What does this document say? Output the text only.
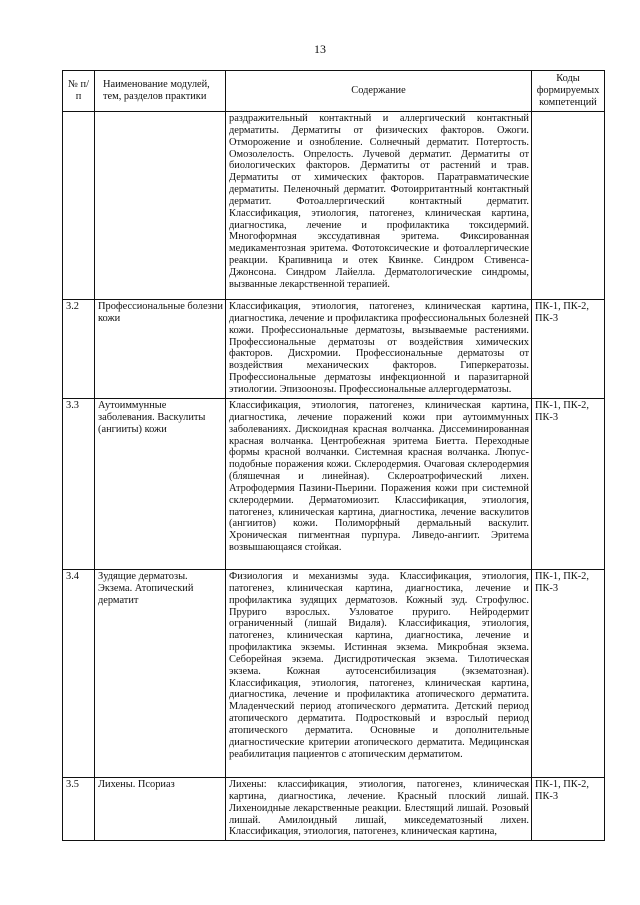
13
№ п/п	Наименование модулей, тем, разделов практики	Содержание	Коды формируемых компетенций
		раздражительный контактный и аллергический контактный дерматиты. Дерматиты от физических факторов. Ожоги. Отморожение и ознобление. Солнечный дерматит. Потертость. Омозолелость. Опрелость. Лучевой дерматит. Дерматиты от биологических факторов. Дерматиты от растений и трав. Дерматиты от химических факторов. Паратравматические дерматиты. Пеленочный дерматит. Фотоирритантный контактный дерматит. Фотоаллергический контактный дерматит. Классификация, этиология, патогенез, клиническая картина, диагностика, лечение и профилактика токсидермий. Многоформная экссудативная эритема. Фиксированная медикаментозная эритема. Фототоксические и фотоаллергические реакции. Крапивница и отек Квинке. Синдром Стивенса-Джонсона. Синдром Лайелла. Дерматологические синдромы, вызванные лекарственной терапией.	
3.2	Профессиональные болезни кожи	Классификация, этиология, патогенез, клиническая картина, диагностика, лечение и профилактика профессиональных болезней кожи. Профессиональные дерматозы, вызываемые растениями. Профессиональные дерматозы от воздействия химических факторов. Дисхромии. Профессиональные дерматозы от воздействия механических факторов. Гиперкератозы. Профессиональные дерматозы инфекционной и паразитарной этиологии. Эпизоонозы. Профессиональные аллергодерматозы.	ПК-1, ПК-2, ПК-3
3.3	Аутоиммунные заболевания. Васкулиты (ангииты) кожи	Классификация, этиология, патогенез, клиническая картина, диагностика, лечение поражений кожи при аутоиммунных заболеваниях. Дискоидная красная волчанка. Диссеминированная красная волчанка. Центробежная эритема Биетта. Переходные формы красной волчанки. Системная красная волчанка. Люпус-подобные поражения кожи. Склеродермия. Очаговая склеродермия (бляшечная и линейная). Склероатрофический лихен. Атрофодермия Пазини-Пьерини. Поражения кожи при системной склеродермии. Дерматомиозит. Классификация, этиология, патогенез, клиническая картина, диагностика, лечение васкулитов (ангиитов) кожи. Полиморфный дермальный васкулит. Хроническая пигментная пурпура. Ливедо-ангиит. Эритема возвышающаяся стойкая.	ПК-1, ПК-2, ПК-3
3.4	Зудящие дерматозы. Экзема. Атопический дерматит	Физиология и механизмы зуда. Классификация, этиология, патогенез, клиническая картина, диагностика, лечение и профилактика зудящих дерматозов. Кожный зуд. Строфулюс. Пруриго взрослых. Узловатое пруриго. Нейродермит ограниченный (лишай Видаля). Классификация, этиология, патогенез, клиническая картина, диагностика, лечение и профилактика экземы. Истинная экзема. Микробная экзема. Себорейная экзема. Дисгидротическая экзема. Тилотическая экзема. Кожная аутосенсибилизация (экзематозная). Классификация, этиология, патогенез, клиническая картина, диагностика, лечение и профилактика атопического дерматита. Младенческий период атопического дерматита. Детский период атопического дерматита. Подростковый и взрослый период атопического дерматита. Основные и дополнительные диагностические критерии атопического дерматита. Медицинская реабилитация пациентов с атопическим дерматитом.	ПК-1, ПК-2, ПК-3
3.5	Лихены. Псориаз	Лихены: классификация, этиология, патогенез, клиническая картина, диагностика, лечение. Красный плоский лишай. Лихеноидные лекарственные реакции. Блестящий лишай. Розовый лишай. Амилоидный лишай, микседематозный лихен. Классификация, этиология, патогенез, клиническая картина,	ПК-1, ПК-2, ПК-3
